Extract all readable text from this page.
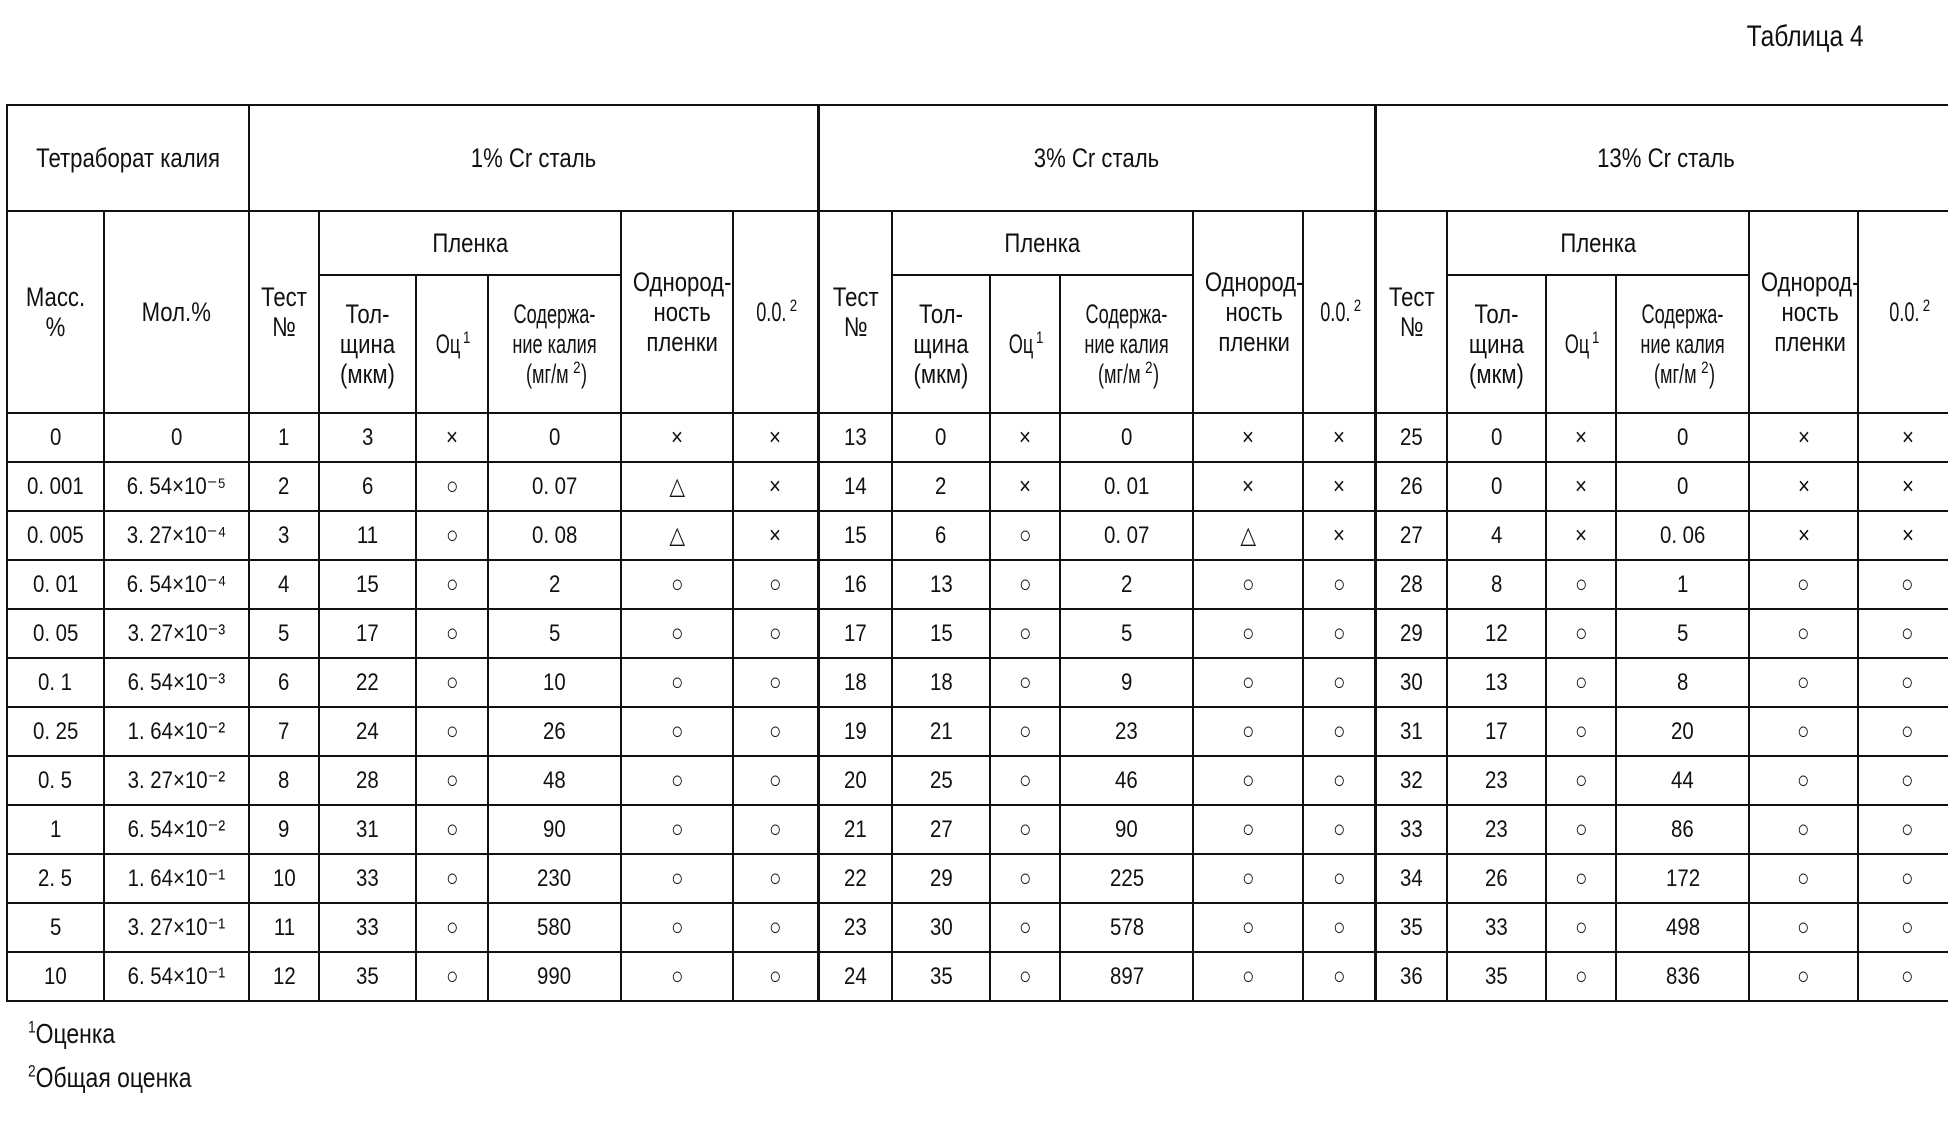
Таблица 4
Тетраборат калия	1% Cr сталь	3% Cr сталь	13% Cr сталь
Масс. %	Мол.%	Тест №	Пленка	Однород-ность пленки	0.0. 2	Тест №	Пленка	Однород-ность пленки	0.0. 2	Тест №	Пленка	Однород-ность пленки	0.0. 2
Тол-щина (мкм)	Оц 1	Содержа-ние калия
(мг/м 2)	Тол-щина (мкм)	Оц 1	Содержа-ние калия
(мг/м 2)	Тол-щина (мкм)	Оц 1	Содержа-ние калия
(мг/м 2)
0	0	1	3	×	0	×	×	13	0	×	0	×	×	25	0	×	0	×	×
0. 001	6. 54×10⁻⁵	2	6	○	0. 07	△	×	14	2	×	0. 01	×	×	26	0	×	0	×	×
0. 005	3. 27×10⁻⁴	3	11	○	0. 08	△	×	15	6	○	0. 07	△	×	27	4	×	0. 06	×	×
0. 01	6. 54×10⁻⁴	4	15	○	2	○	○	16	13	○	2	○	○	28	8	○	1	○	○
0. 05	3. 27×10⁻³	5	17	○	5	○	○	17	15	○	5	○	○	29	12	○	5	○	○
0. 1	6. 54×10⁻³	6	22	○	10	○	○	18	18	○	9	○	○	30	13	○	8	○	○
0. 25	1. 64×10⁻²	7	24	○	26	○	○	19	21	○	23	○	○	31	17	○	20	○	○
0. 5	3. 27×10⁻²	8	28	○	48	○	○	20	25	○	46	○	○	32	23	○	44	○	○
1	6. 54×10⁻²	9	31	○	90	○	○	21	27	○	90	○	○	33	23	○	86	○	○
2. 5	1. 64×10⁻¹	10	33	○	230	○	○	22	29	○	225	○	○	34	26	○	172	○	○
5	3. 27×10⁻¹	11	33	○	580	○	○	23	30	○	578	○	○	35	33	○	498	○	○
10	6. 54×10⁻¹	12	35	○	990	○	○	24	35	○	897	○	○	36	35	○	836	○	○
1Оценка
2Общая оценка
